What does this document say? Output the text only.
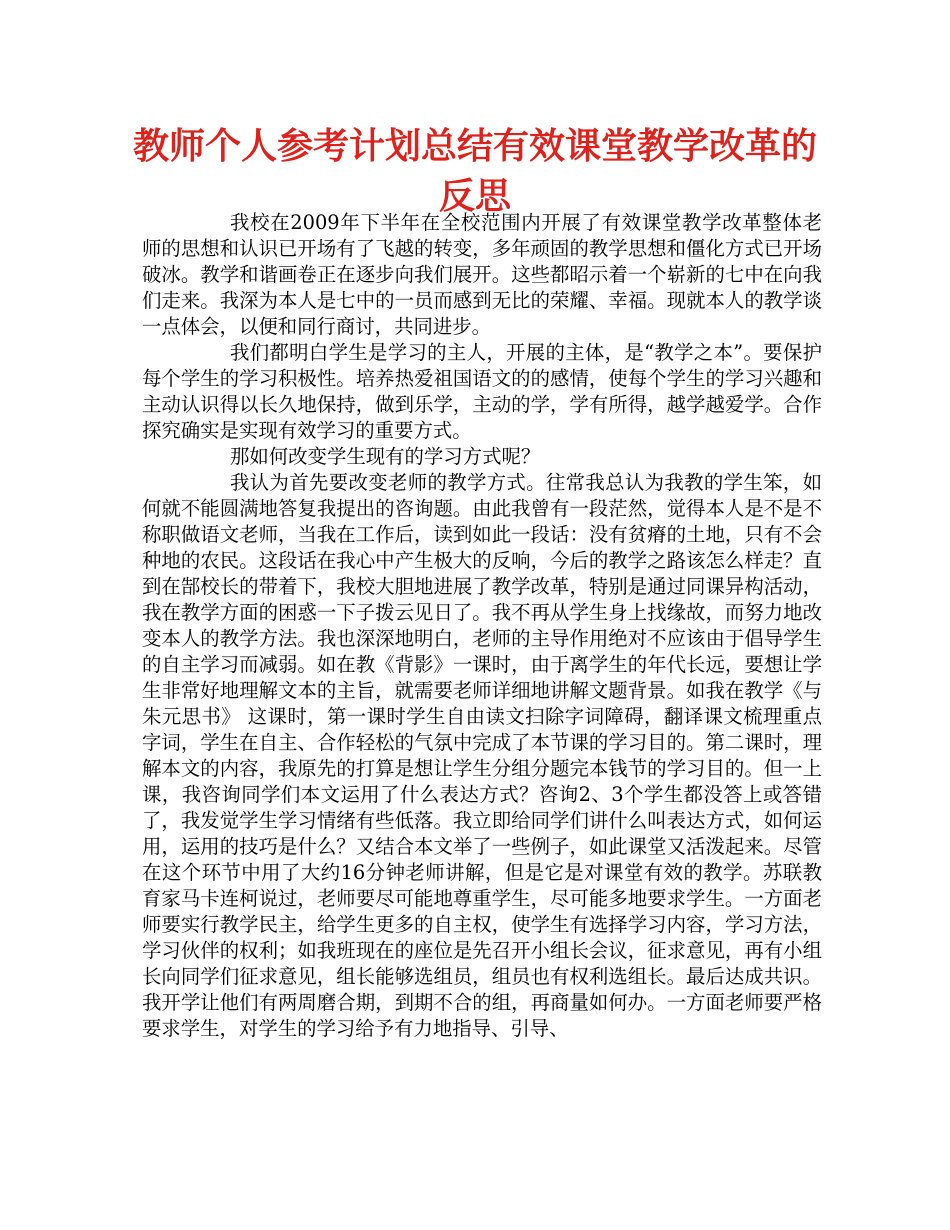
教师个人参考计划总结有效课堂教学改革的反思

我校在2009年下半年在全校范围内开展了有效课堂教学改革整体老师的思想和认识已开场有了飞越的转变，多年顽固的教学思想和僵化方式已开场破冰。教学和谐画卷正在逐步向我们展开。这些都昭示着一个崭新的七中在向我们走来。我深为本人是七中的一员而感到无比的荣耀、幸福。现就本人的教学谈一点体会，以便和同行商讨，共同进步。

我们都明白学生是学习的主人，开展的主体，是“教学之本”。要保护每个学生的学习积极性。培养热爱祖国语文的的感情，使每个学生的学习兴趣和主动认识得以长久地保持，做到乐学，主动的学，学有所得，越学越爱学。合作探究确实是实现有效学习的重要方式。

那如何改变学生现有的学习方式呢？

我认为首先要改变老师的教学方式。往常我总认为我教的学生笨，如何就不能圆满地答复我提出的咨询题。由此我曾有一段茫然，觉得本人是不是不称职做语文老师，当我在工作后，读到如此一段话：没有贫瘠的土地，只有不会种地的农民。这段话在我心中产生极大的反响，今后的教学之路该怎么样走？直到在郜校长的带着下，我校大胆地进展了教学改革，特别是通过同课异构活动，我在教学方面的困惑一下子拨云见日了。我不再从学生身上找缘故，而努力地改变本人的教学方法。我也深深地明白，老师的主导作用绝对不应该由于倡导学生的自主学习而减弱。如在教《背影》一课时，由于离学生的年代长远，要想让学生非常好地理解文本的主旨，就需要老师详细地讲解文题背景。如我在教学《与朱元思书》 这课时，第一课时学生自由读文扫除字词障碍，翻译课文梳理重点字词，学生在自主、合作轻松的气氛中完成了本节课的学习目的。第二课时，理解本文的内容，我原先的打算是想让学生分组分题完本钱节的学习目的。但一上课，我咨询同学们本文运用了什么表达方式？咨询2、3个学生都没答上或答错了，我发觉学生学习情绪有些低落。我立即给同学们讲什么叫表达方式，如何运用，运用的技巧是什么？又结合本文举了一些例子，如此课堂又活泼起来。尽管在这个环节中用了大约16分钟老师讲解，但是它是对课堂有效的教学。苏联教育家马卡连柯说过，老师要尽可能地尊重学生，尽可能多地要求学生。一方面老师要实行教学民主，给学生更多的自主权，使学生有选择学习内容，学习方法，学习伙伴的权利；如我班现在的座位是先召开小组长会议，征求意见，再有小组长向同学们征求意见，组长能够选组员，组员也有权利选组长。最后达成共识。我开学让他们有两周磨合期，到期不合的组，再商量如何办。一方面老师要严格要求学生，对学生的学习给予有力地指导、引导、
